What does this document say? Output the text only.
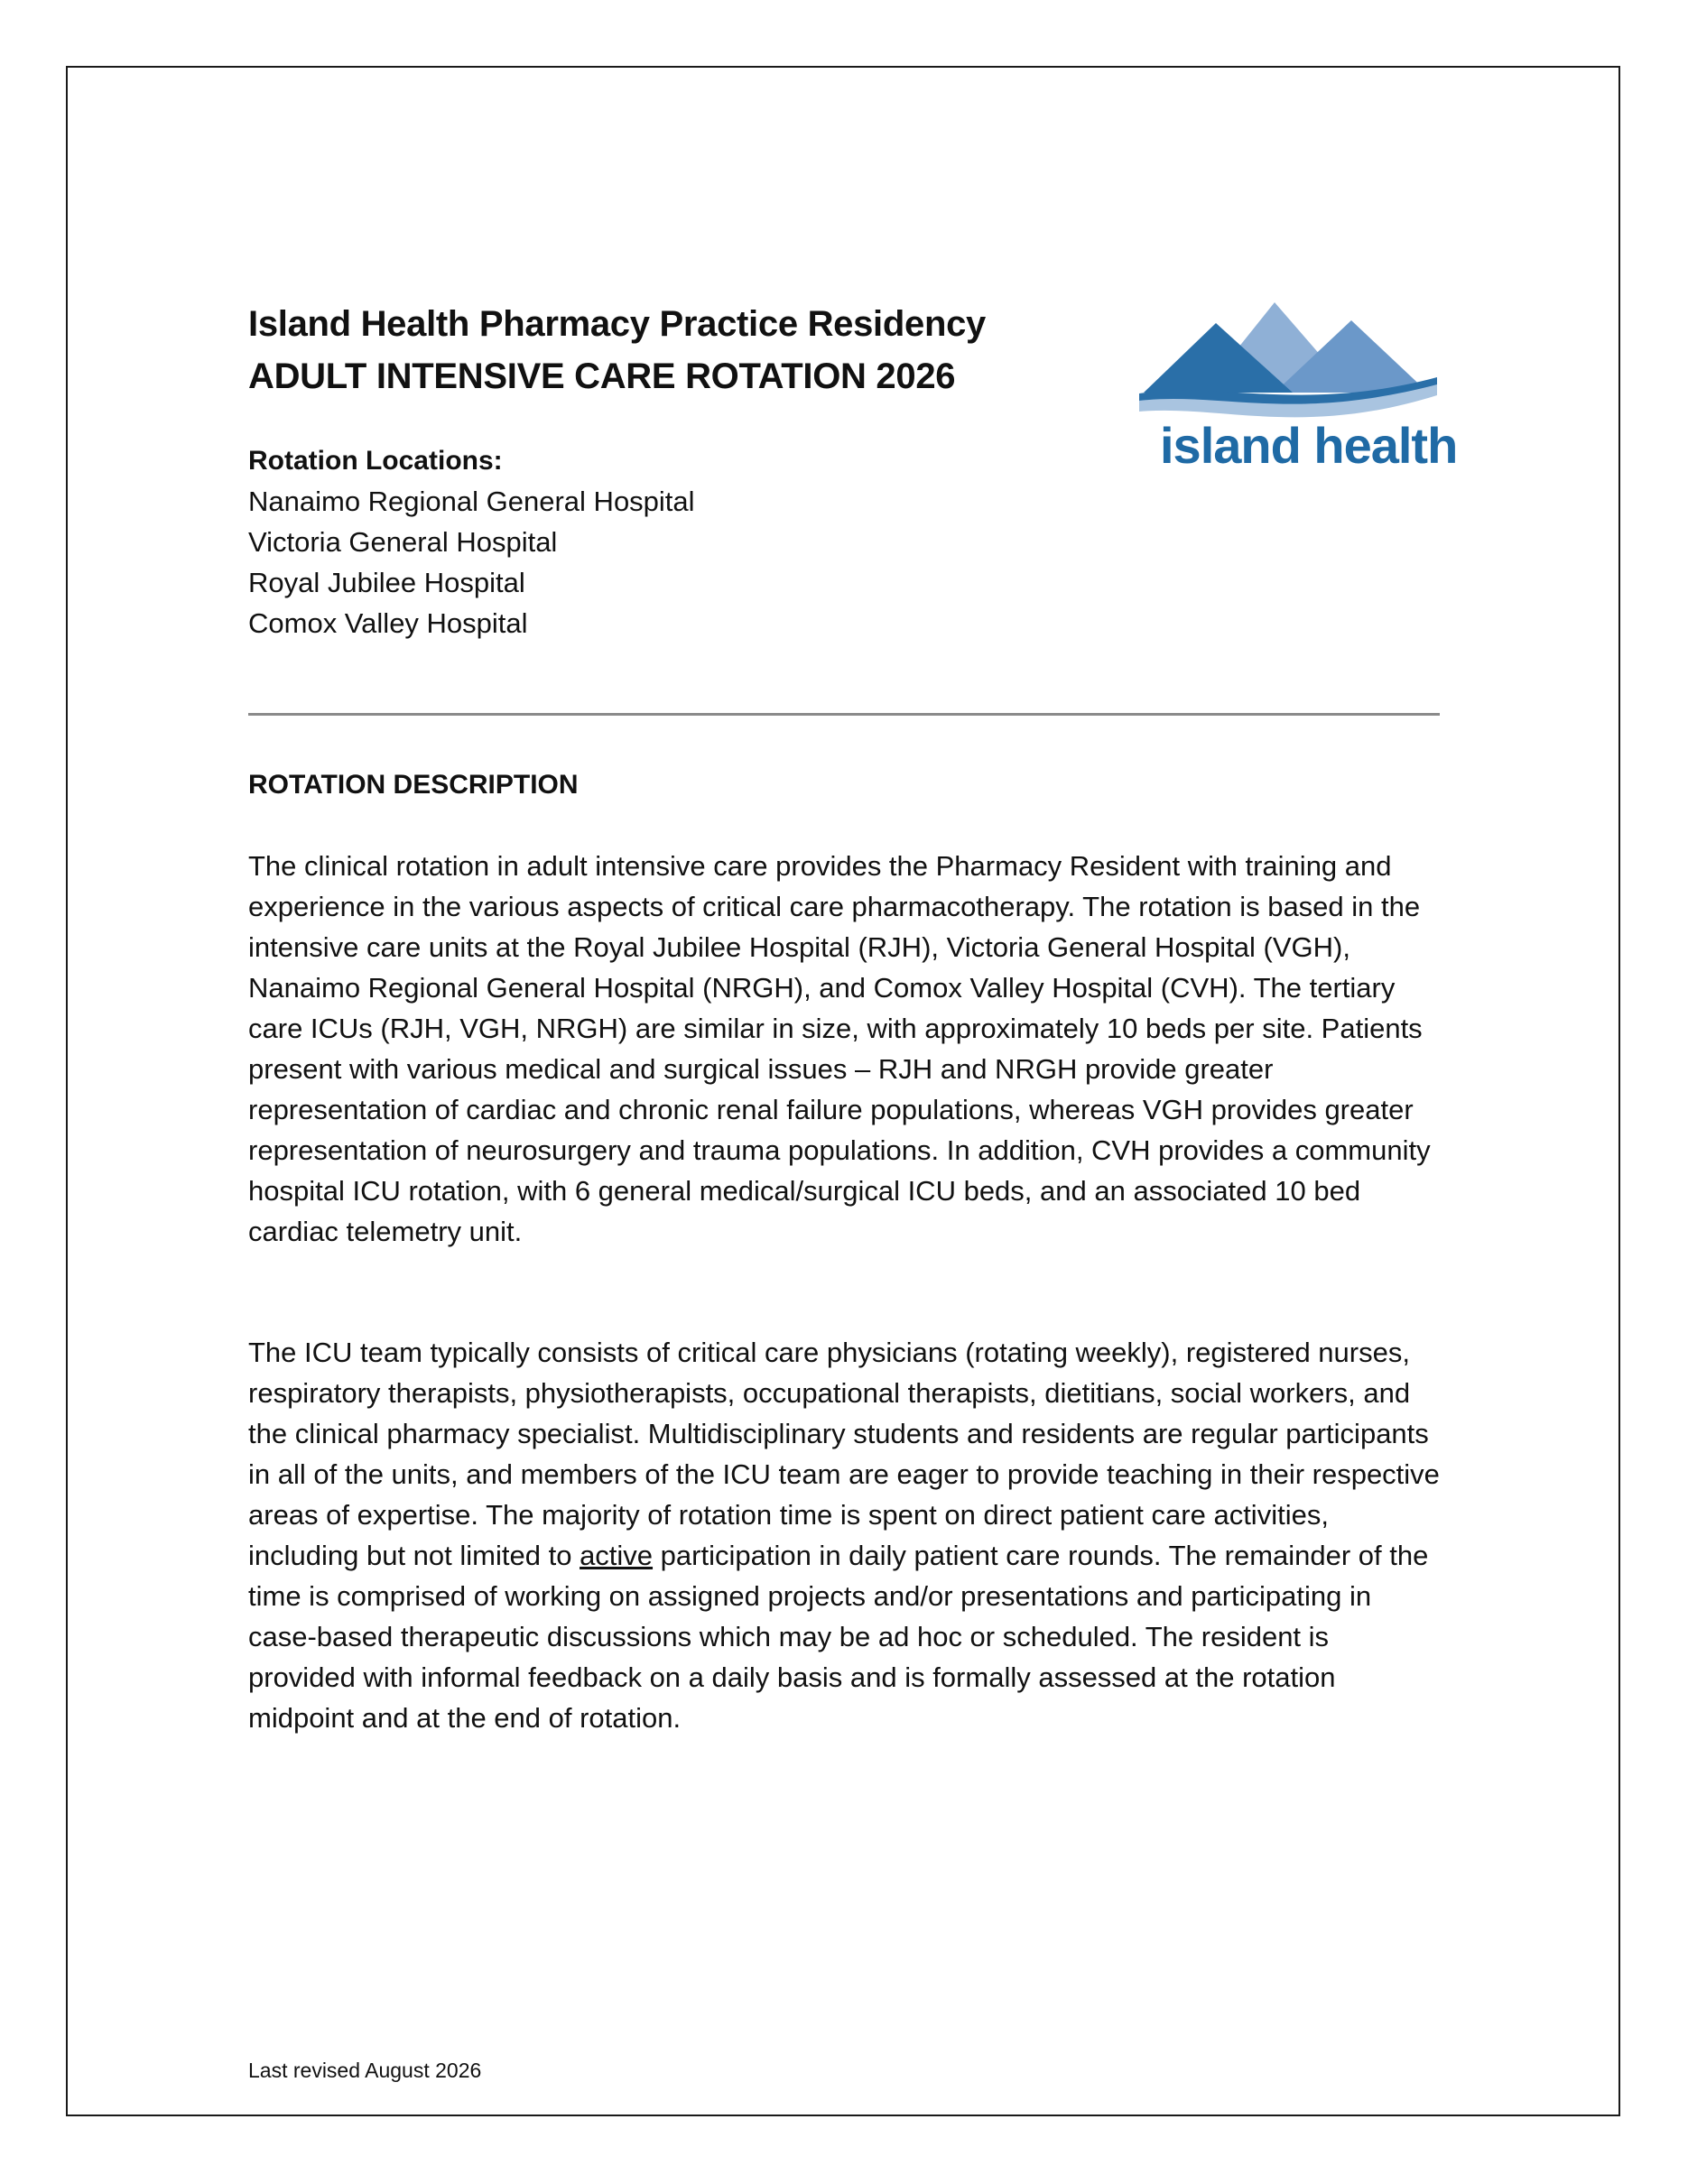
Island Health Pharmacy Practice Residency
ADULT INTENSIVE CARE ROTATION 2026
island health
Rotation Locations:
Nanaimo Regional General Hospital
Victoria General Hospital
Royal Jubilee Hospital
Comox Valley Hospital
ROTATION DESCRIPTION
The clinical rotation in adult intensive care provides the Pharmacy Resident with training and experience in the various aspects of critical care pharmacotherapy. The rotation is based in the intensive care units at the Royal Jubilee Hospital (RJH), Victoria General Hospital (VGH), Nanaimo Regional General Hospital (NRGH), and Comox Valley Hospital (CVH). The tertiary care ICUs (RJH, VGH, NRGH) are similar in size, with approximately 10 beds per site. Patients present with various medical and surgical issues – RJH and NRGH provide greater representation of cardiac and chronic renal failure populations, whereas VGH provides greater representation of neurosurgery and trauma populations. In addition, CVH provides a community hospital ICU rotation, with 6 general medical/surgical ICU beds, and an associated 10 bed cardiac telemetry unit.
The ICU team typically consists of critical care physicians (rotating weekly), registered nurses, respiratory therapists, physiotherapists, occupational therapists, dietitians, social workers, and the clinical pharmacy specialist. Multidisciplinary students and residents are regular participants in all of the units, and members of the ICU team are eager to provide teaching in their respective areas of expertise. The majority of rotation time is spent on direct patient care activities, including but not limited to active participation in daily patient care rounds. The remainder of the time is comprised of working on assigned projects and/or presentations and participating in case-based therapeutic discussions which may be ad hoc or scheduled. The resident is provided with informal feedback on a daily basis and is formally assessed at the rotation midpoint and at the end of rotation.
Last revised August 2026
